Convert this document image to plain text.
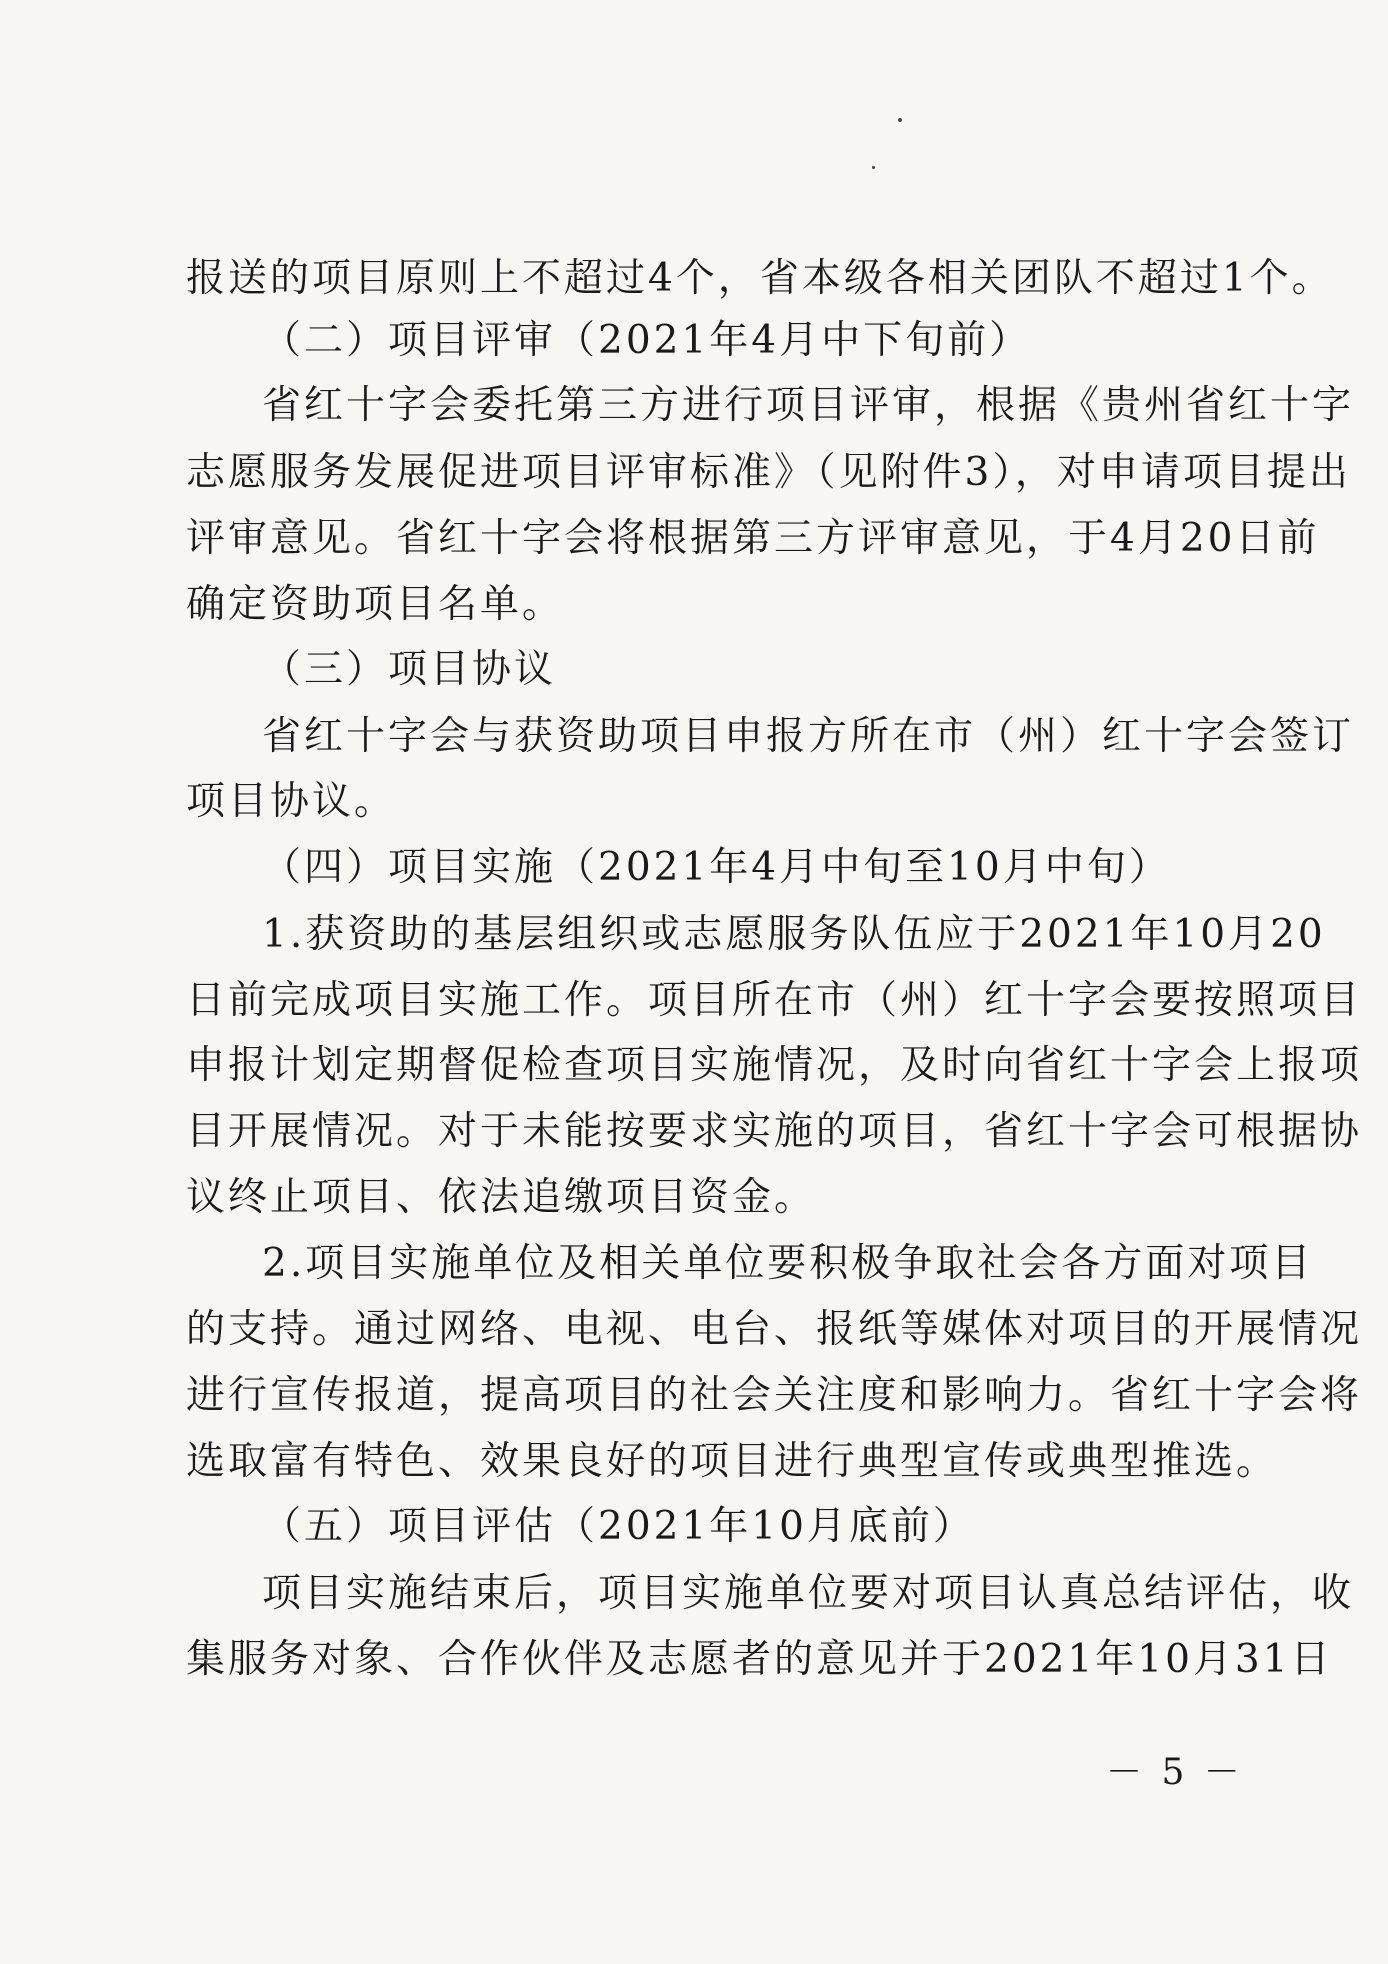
报送的项目原则上不超过4个，省本级各相关团队不超过1个。
（二）项目评审（2021年4月中下旬前）
省红十字会委托第三方进行项目评审，根据《贵州省红十字
志愿服务发展促进项目评审标准》（见附件3），对申请项目提出
评审意见。省红十字会将根据第三方评审意见，于4月20日前
确定资助项目名单。
（三）项目协议
省红十字会与获资助项目申报方所在市（州）红十字会签订
项目协议。
（四）项目实施（2021年4月中旬至10月中旬）
1.获资助的基层组织或志愿服务队伍应于2021年10月20
日前完成项目实施工作。项目所在市（州）红十字会要按照项目
申报计划定期督促检查项目实施情况，及时向省红十字会上报项
目开展情况。对于未能按要求实施的项目，省红十字会可根据协
议终止项目、依法追缴项目资金。
2.项目实施单位及相关单位要积极争取社会各方面对项目
的支持。通过网络、电视、电台、报纸等媒体对项目的开展情况
进行宣传报道，提高项目的社会关注度和影响力。省红十字会将
选取富有特色、效果良好的项目进行典型宣传或典型推选。
（五）项目评估（2021年10月底前）
项目实施结束后，项目实施单位要对项目认真总结评估，收
集服务对象、合作伙伴及志愿者的意见并于2021年10月31日
－ 5 －
